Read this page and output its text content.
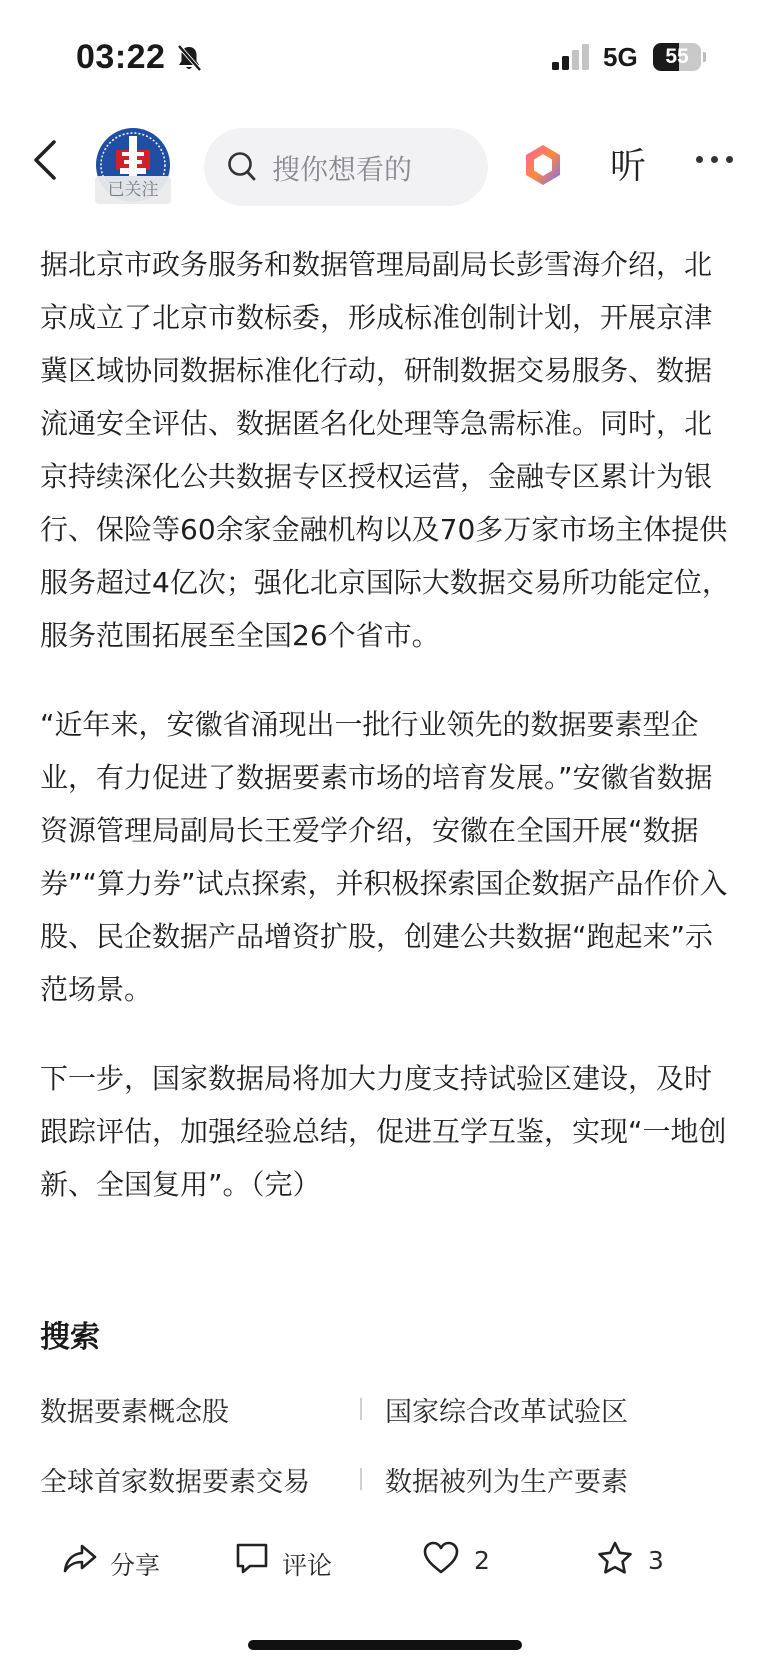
03:22	5G	55
已关注
搜你想看的	听

据北京市政务服务和数据管理局副局长彭雪海介绍，北京成立了北京市数标委，形成标准创制计划，开展京津冀区域协同数据标准化行动，研制数据交易服务、数据流通安全评估、数据匿名化处理等急需标准。同时，北京持续深化公共数据专区授权运营，金融专区累计为银行、保险等60余家金融机构以及70多万家市场主体提供服务超过4亿次；强化北京国际大数据交易所功能定位，服务范围拓展至全国26个省市。

“近年来，安徽省涌现出一批行业领先的数据要素型企业，有力促进了数据要素市场的培育发展。”安徽省数据资源管理局副局长王爱学介绍，安徽在全国开展“数据券”“算力券”试点探索，并积极探索国企数据产品作价入股、民企数据产品增资扩股，创建公共数据“跑起来”示范场景。

下一步，国家数据局将加大力度支持试验区建设，及时跟踪评估，加强经验总结，促进互学互鉴，实现“一地创新、全国复用”。（完）

搜索
数据要素概念股	国家综合改革试验区
全球首家数据要素交易	数据被列为生产要素
分享	评论	2	3
